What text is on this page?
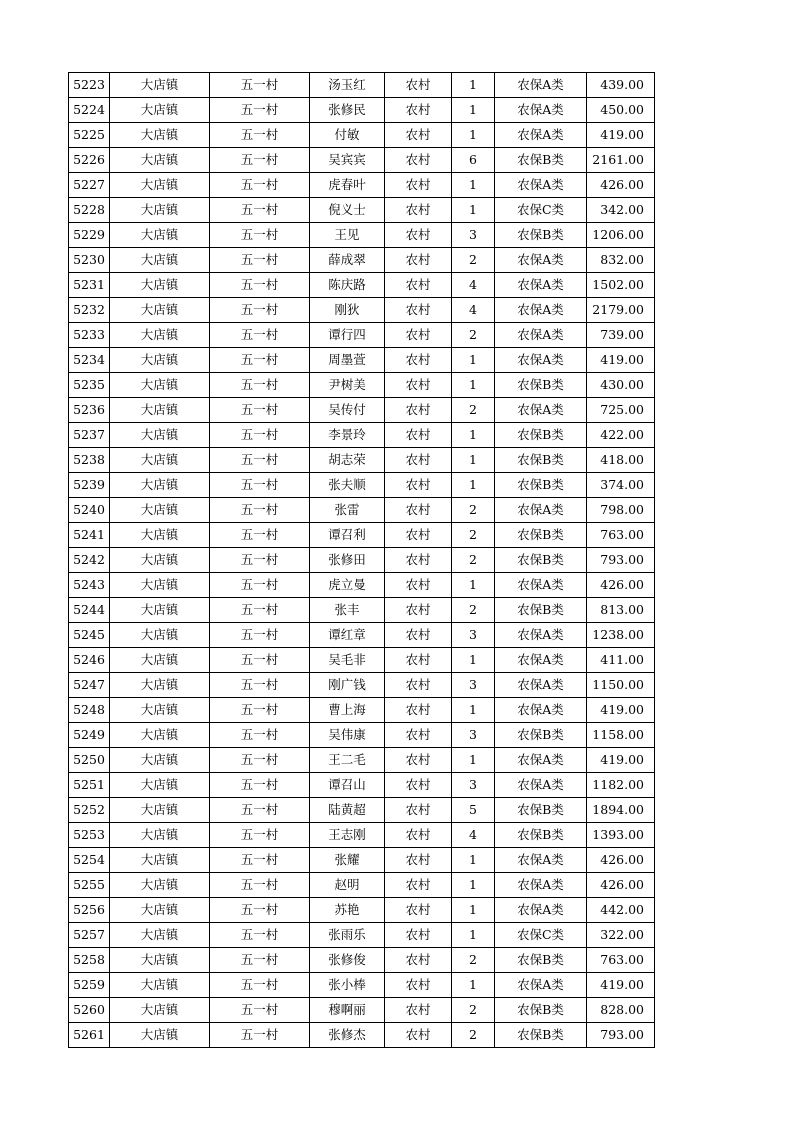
5223	大店镇	五一村	汤玉红	农村	1	农保A类	439.00
5224	大店镇	五一村	张修民	农村	1	农保A类	450.00
5225	大店镇	五一村	付敏	农村	1	农保A类	419.00
5226	大店镇	五一村	吴宾宾	农村	6	农保B类	2161.00
5227	大店镇	五一村	虎春叶	农村	1	农保A类	426.00
5228	大店镇	五一村	倪义士	农村	1	农保C类	342.00
5229	大店镇	五一村	王见	农村	3	农保B类	1206.00
5230	大店镇	五一村	薛成翠	农村	2	农保A类	832.00
5231	大店镇	五一村	陈庆路	农村	4	农保A类	1502.00
5232	大店镇	五一村	刚狄	农村	4	农保A类	2179.00
5233	大店镇	五一村	谭行四	农村	2	农保A类	739.00
5234	大店镇	五一村	周墨萱	农村	1	农保A类	419.00
5235	大店镇	五一村	尹树美	农村	1	农保B类	430.00
5236	大店镇	五一村	吴传付	农村	2	农保A类	725.00
5237	大店镇	五一村	李景玲	农村	1	农保B类	422.00
5238	大店镇	五一村	胡志荣	农村	1	农保B类	418.00
5239	大店镇	五一村	张夫顺	农村	1	农保B类	374.00
5240	大店镇	五一村	张雷	农村	2	农保A类	798.00
5241	大店镇	五一村	谭召利	农村	2	农保B类	763.00
5242	大店镇	五一村	张修田	农村	2	农保B类	793.00
5243	大店镇	五一村	虎立曼	农村	1	农保A类	426.00
5244	大店镇	五一村	张丰	农村	2	农保B类	813.00
5245	大店镇	五一村	谭红章	农村	3	农保A类	1238.00
5246	大店镇	五一村	吴毛非	农村	1	农保A类	411.00
5247	大店镇	五一村	刚广钱	农村	3	农保A类	1150.00
5248	大店镇	五一村	曹上海	农村	1	农保A类	419.00
5249	大店镇	五一村	吴伟康	农村	3	农保B类	1158.00
5250	大店镇	五一村	王二毛	农村	1	农保A类	419.00
5251	大店镇	五一村	谭召山	农村	3	农保A类	1182.00
5252	大店镇	五一村	陆黄超	农村	5	农保B类	1894.00
5253	大店镇	五一村	王志刚	农村	4	农保B类	1393.00
5254	大店镇	五一村	张耀	农村	1	农保A类	426.00
5255	大店镇	五一村	赵明	农村	1	农保A类	426.00
5256	大店镇	五一村	苏艳	农村	1	农保A类	442.00
5257	大店镇	五一村	张雨乐	农村	1	农保C类	322.00
5258	大店镇	五一村	张修俊	农村	2	农保B类	763.00
5259	大店镇	五一村	张小棒	农村	1	农保A类	419.00
5260	大店镇	五一村	穆啊丽	农村	2	农保B类	828.00
5261	大店镇	五一村	张修杰	农村	2	农保B类	793.00
